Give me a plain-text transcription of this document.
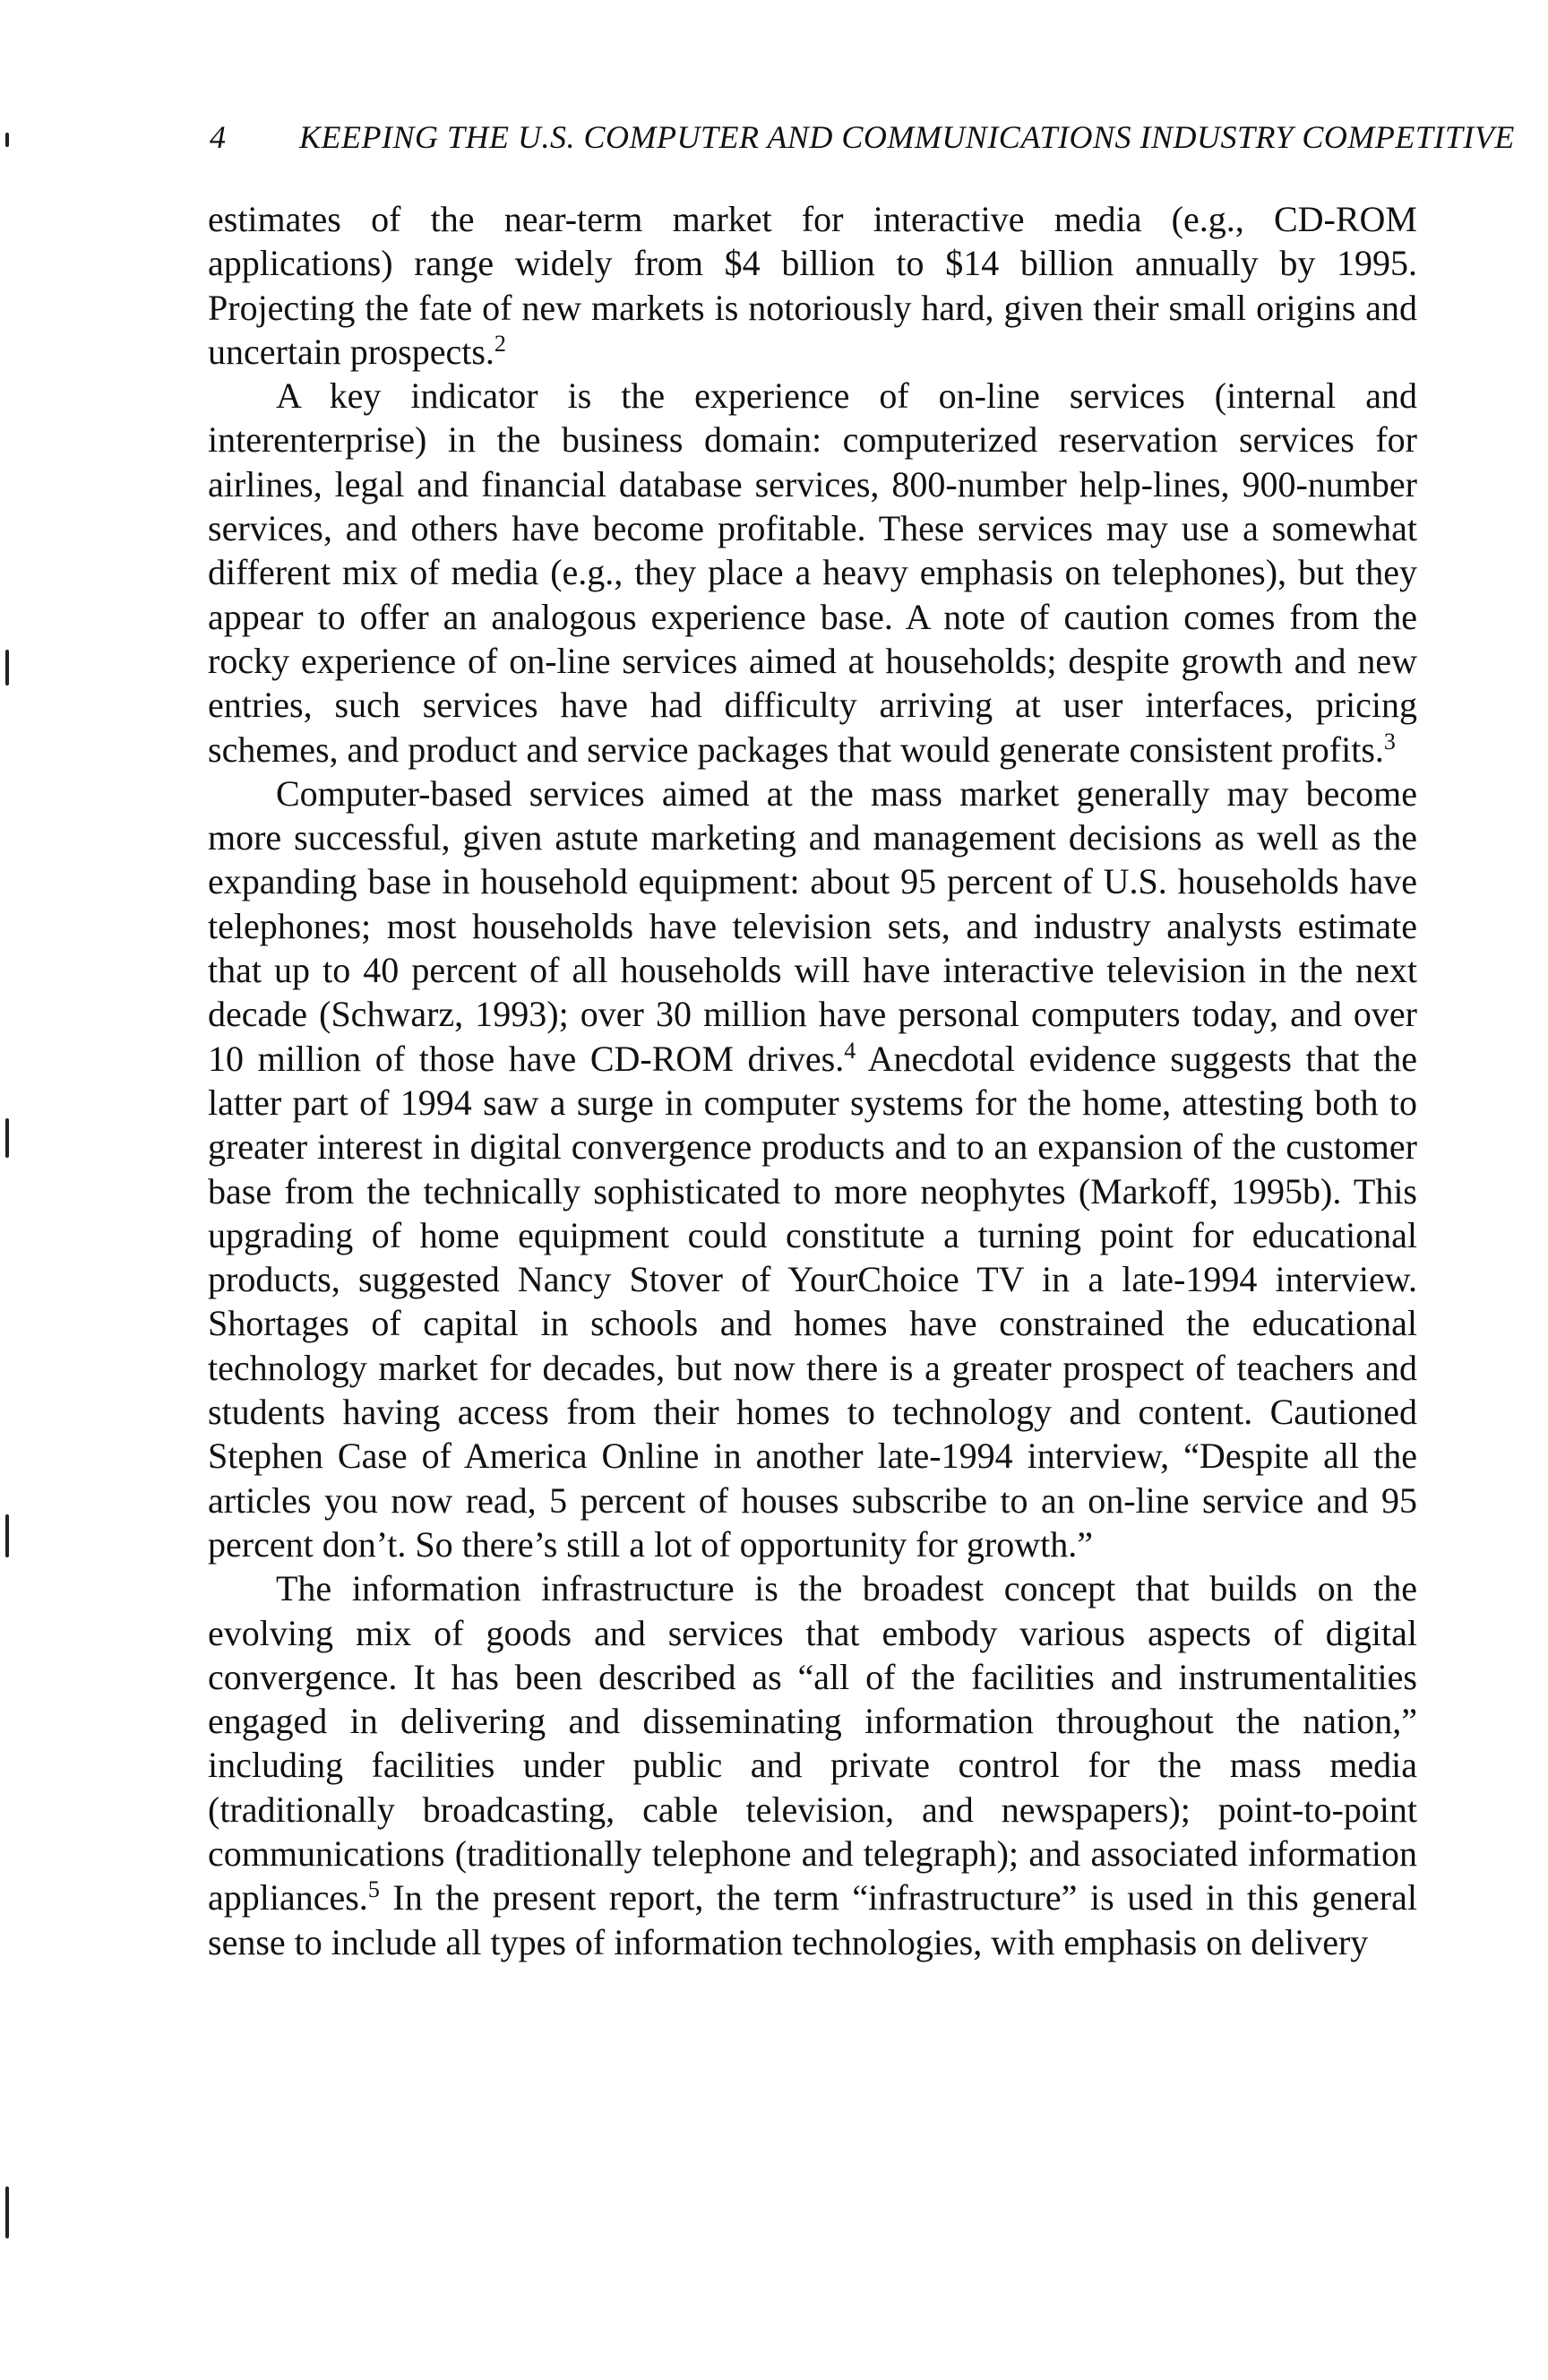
4 KEEPING THE U.S. COMPUTER AND COMMUNICATIONS INDUSTRY COMPETITIVE

estimates of the near-term market for interactive media (e.g., CD-ROM applications) range widely from $4 billion to $14 billion annually by 1995. Projecting the fate of new markets is notoriously hard, given their small origins and uncertain prospects.$^2$

A key indicator is the experience of on-line services (internal and interenterprise) in the business domain: computerized reservation services for airlines, legal and financial database services, 800-number help-lines, 900-number services, and others have become profitable. These services may use a somewhat different mix of media (e.g., they place a heavy emphasis on telephones), but they appear to offer an analogous experience base. A note of caution comes from the rocky experience of on-line services aimed at households; despite growth and new entries, such services have had difficulty arriving at user interfaces, pricing schemes, and product and service packages that would generate consistent profits.$^3$

Computer-based services aimed at the mass market generally may become more successful, given astute marketing and management decisions as well as the expanding base in household equipment: about 95 percent of U.S. households have telephones; most households have television sets, and industry analysts estimate that up to 40 percent of all households will have interactive television in the next decade (Schwarz, 1993); over 30 million have personal computers today, and over 10 million of those have CD-ROM drives.$^4$ Anecdotal evidence suggests that the latter part of 1994 saw a surge in computer systems for the home, attesting both to greater interest in digital convergence products and to an expansion of the customer base from the technically sophisticated to more neophytes (Markoff, 1995b). This upgrading of home equipment could constitute a turning point for educational products, suggested Nancy Stover of YourChoice TV in a late-1994 interview. Shortages of capital in schools and homes have constrained the educational technology market for decades, but now there is a greater prospect of teachers and students having access from their homes to technology and content. Cautioned Stephen Case of America Online in another late-1994 interview, “Despite all the articles you now read, 5 percent of houses subscribe to an on-line service and 95 percent don’t. So there’s still a lot of opportunity for growth.”

The information infrastructure is the broadest concept that builds on the evolving mix of goods and services that embody various aspects of digital convergence. It has been described as “all of the facilities and instrumentalities engaged in delivering and disseminating information throughout the nation,” including facilities under public and private control for the mass media (traditionally broadcasting, cable television, and newspapers); point-to-point communications (traditionally telephone and telegraph); and associated information appliances.$^5$ In the present report, the term “infrastructure” is used in this general sense to include all types of information technologies, with emphasis on delivery
